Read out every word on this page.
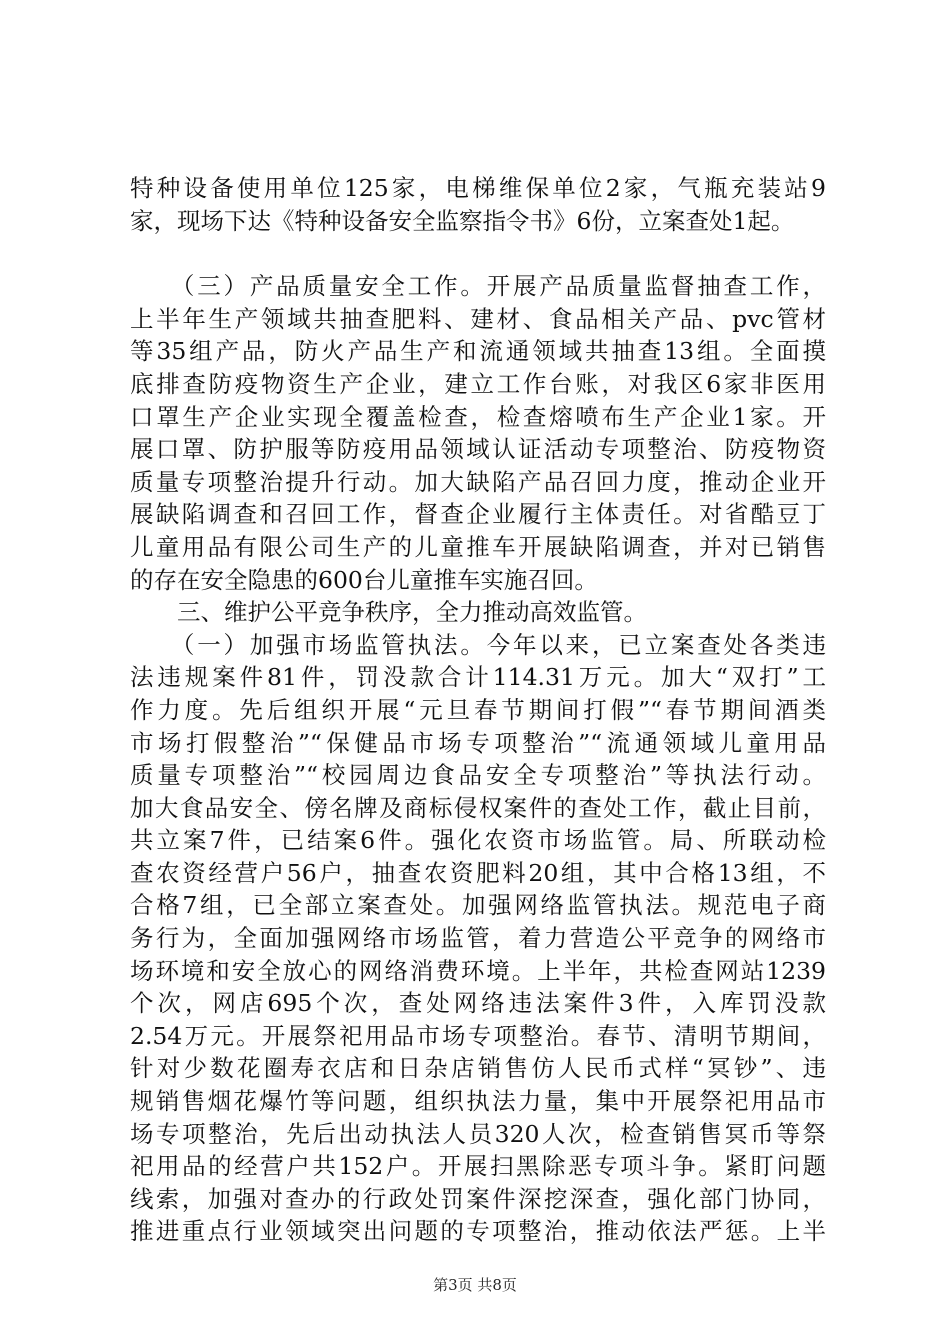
特种设备使用单位125家，电梯维保单位2家，气瓶充装站9
家，现场下达《特种设备安全监察指令书》6份，立案查处1起。
　　（三）产品质量安全工作。开展产品质量监督抽查工作，
上半年生产领域共抽查肥料、建材、食品相关产品、pvc管材
等35组产品，防火产品生产和流通领域共抽查13组。全面摸
底排查防疫物资生产企业，建立工作台账，对我区6家非医用
口罩生产企业实现全覆盖检查，检查熔喷布生产企业1家。开
展口罩、防护服等防疫用品领域认证活动专项整治、防疫物资
质量专项整治提升行动。加大缺陷产品召回力度，推动企业开
展缺陷调查和召回工作，督查企业履行主体责任。对省酷豆丁
儿童用品有限公司生产的儿童推车开展缺陷调查，并对已销售
的存在安全隐患的600台儿童推车实施召回。
　　三、维护公平竞争秩序，全力推动高效监管。
　　（一）加强市场监管执法。今年以来，已立案查处各类违
法违规案件81件，罚没款合计114.31万元。加大“双打”工
作力度。先后组织开展“元旦春节期间打假”“春节期间酒类
市场打假整治”“保健品市场专项整治”“流通领域儿童用品
质量专项整治”“校园周边食品安全专项整治”等执法行动。
加大食品安全、傍名牌及商标侵权案件的查处工作，截止目前，
共立案7件，已结案6件。强化农资市场监管。局、所联动检
查农资经营户56户，抽查农资肥料20组，其中合格13组，不
合格7组，已全部立案查处。加强网络监管执法。规范电子商
务行为，全面加强网络市场监管，着力营造公平竞争的网络市
场环境和安全放心的网络消费环境。上半年，共检查网站1239
个次，网店695个次，查处网络违法案件3件，入库罚没款
2.54万元。开展祭祀用品市场专项整治。春节、清明节期间，
针对少数花圈寿衣店和日杂店销售仿人民币式样“冥钞”、违
规销售烟花爆竹等问题，组织执法力量，集中开展祭祀用品市
场专项整治，先后出动执法人员320人次，检查销售冥币等祭
祀用品的经营户共152户。开展扫黑除恶专项斗争。紧盯问题
线索，加强对查办的行政处罚案件深挖深查，强化部门协同，
推进重点行业领域突出问题的专项整治，推动依法严惩。上半
第3页 共8页
